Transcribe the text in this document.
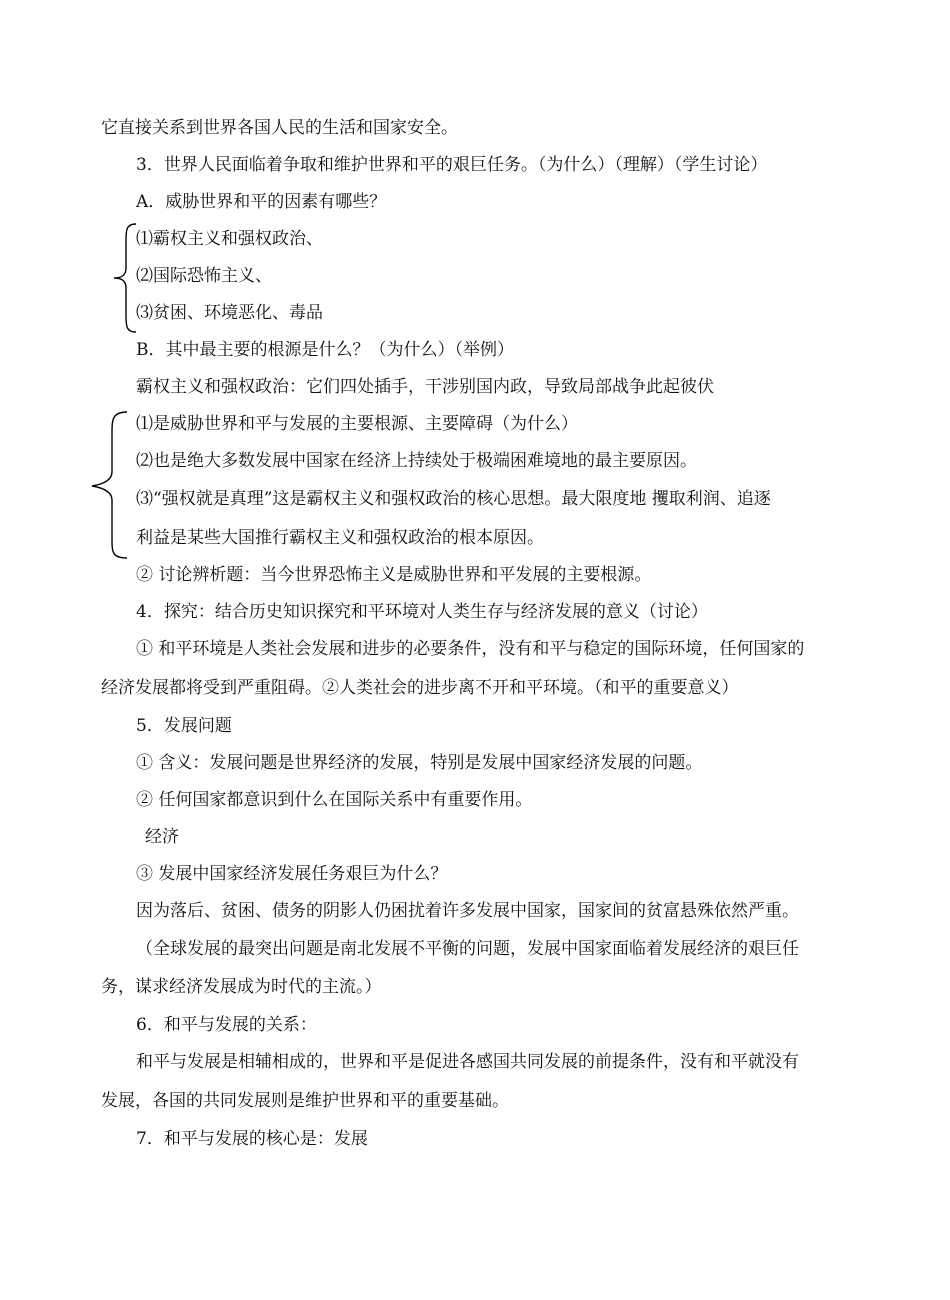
它直接关系到世界各国人民的生活和国家安全。
3．世界人民面临着争取和维护世界和平的艰巨任务。（为什么）（理解）（学生讨论）
A．威胁世界和平的因素有哪些？
⑴霸权主义和强权政治、
⑵国际恐怖主义、
⑶贫困、环境恶化、毒品
B．其中最主要的根源是什么？（为什么）（举例）
霸权主义和强权政治：它们四处插手，干涉别国内政，导致局部战争此起彼伏
⑴是威胁世界和平与发展的主要根源、主要障碍（为什么）
⑵也是绝大多数发展中国家在经济上持续处于极端困难境地的最主要原因。
⑶“强权就是真理”这是霸权主义和强权政治的核心思想。最大限度地 攫取利润、追逐
利益是某些大国推行霸权主义和强权政治的根本原因。
② 讨论辨析题：当今世界恐怖主义是威胁世界和平发展的主要根源。
4．探究：结合历史知识探究和平环境对人类生存与经济发展的意义（讨论）
① 和平环境是人类社会发展和进步的必要条件，没有和平与稳定的国际环境，任何国家的
经济发展都将受到严重阻碍。②人类社会的进步离不开和平环境。（和平的重要意义）
5．发展问题
① 含义：发展问题是世界经济的发展，特别是发展中国家经济发展的问题。
② 任何国家都意识到什么在国际关系中有重要作用。
经济
③ 发展中国家经济发展任务艰巨为什么？
因为落后、贫困、债务的阴影人仍困扰着许多发展中国家，国家间的贫富悬殊依然严重。
（全球发展的最突出问题是南北发展不平衡的问题，发展中国家面临着发展经济的艰巨任
务，谋求经济发展成为时代的主流。）
6．和平与发展的关系：
和平与发展是相辅相成的，世界和平是促进各感国共同发展的前提条件，没有和平就没有
发展，各国的共同发展则是维护世界和平的重要基础。
7．和平与发展的核心是：发展
